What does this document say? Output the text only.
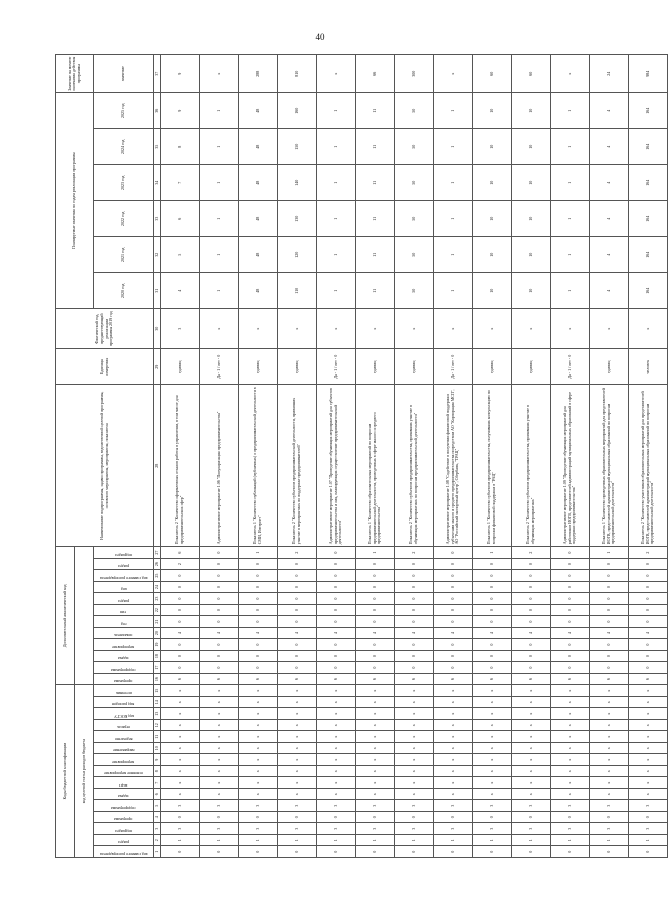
40
Коды бюджетной классификации															Дополнительный аналитический код												Наименование подпрограммы, задачи программы, ведомственной целевой программы, основного мероприятия, мероприятия, показателя	Единица измерения	Фактический год, предшествующий реализации программы 2019 год	Планируемые значения по годам реализации программы						Значение на момент окончания действия программы
код целевой статьи расходов бюджета																																				

код главного распорядителя	раздел	подраздел	программа	подпрограмма	задача	ВЦП	основное мероприятие	мероприятие	направление	ведомство	отрасль	код КОСГУ	вид расходов	источник	программа	подпрограмма	задача	мероприятие	показатель	год	тип	раздел	код	код главного распорядителя	раздел	подраздел				2020 год	2021 год	2022 год	2023 год	2024 год	2025 год	значение
1	2	3	4	5	6	7	8	9	10	11	12	13	14	15	16	17	18	19	20	21	22	23	24	25	26	27	28	29	30	31	32	33	34	35	36	37
0	1	3	0	3	x	x	x	x	x	x	x	x	x	x	6	0	0	0	4	0	0	0	0	0	2	6	Показатель 2 "Количество оформленных отказов работы в управлении, в том числе для предпринимательских сфер"	единиц	3	4	5	6	7	8	9	9
0	1	3	0	3	x	x	x	x	x	x	x	x	x	x	6	0	0	0	4	0	0	0	0	0	0	0	Административное мероприятие 1.06 "Популяризация предпринимательства"	Да - 1 / нет - 0	x	1	1	1	1	1	1	x
0	1	3	0	3	x	x	x	x	x	x	x	x	x	x	6	0	0	0	4	0	0	0	0	0	0	1	Показатель 1 "Количество публикаций (публичных) о предпринимательской деятельности в СМИ, Интернет"	единиц	x	48	48	48	48	48	48	288
0	1	3	0	3	x	x	x	x	x	x	x	x	x	x	6	0	0	0	4	0	0	0	0	0	0	2	Показатель 2 "Количество субъектов предпринимательской деятельности, принявших участие в мероприятиях по поддержке предпринимателей"	единиц	x	110	120	130	140	150	160	810
0	1	3	0	3	x	x	x	x	x	x	x	x	x	x	6	0	0	0	4	0	0	0	0	0	0	0	Административное мероприятие 1.07 "Проведение обучающих мероприятий для субъектов предпринимательства и лиц, планирующих осуществление предпринимательской деятельности"	Да - 1 / нет - 0	x	1	1	1	1	1	1	x
0	1	3	0	3	x	x	x	x	x	x	x	x	x	x	6	0	0	0	4	0	0	0	0	0	0	1	Показатель 1 "Количество образовательных мероприятий по вопросам предпринимательской деятельности, проведенных в сфере малого и среднего предпринимательства"	единиц	x	11	11	11	11	11	11	66
0	1	3	0	3	x	x	x	x	x	x	x	x	x	x	6	0	0	0	4	0	0	0	0	0	0	2	Показатель 2 "Количество субъектов предпринимательства, принявших участие в обучающих мероприятиях по вопросам предпринимательской деятельности"	единиц	x	50	50	50	50	50	50	300
0	1	3	0	3	x	x	x	x	x	x	x	x	x	x	6	0	0	0	4	0	0	0	0	0	0	0	Административное мероприятие 1.08 "Содействие в получении финансовой поддержки субъектами малого и среднего предпринимательства посредством АО "Корпорация МСП", АО "Российский экспортный центр", Сбербанк, "ТРАЦ"	Да - 1 / нет - 0	x	1	1	1	1	1	1	x
0	1	3	0	3	x	x	x	x	x	x	x	x	x	x	6	0	0	0	4	0	0	0	0	0	0	1	Показатель 1 "Количество субъектов предпринимательства, получивших консультацию по вопросам финансовой поддержки в "РАЦ"	единиц	x	10	10	10	10	10	10	60
0	1	3	0	3	x	x	x	x	x	x	x	x	x	x	6	0	0	0	4	0	0	0	0	0	0	2	Показатель 2 "Количество субъектов предпринимательства, принявших участие в обучающих мероприятиях"	единиц	x	10	10	10	10	10	10	60
0	1	3	0	3	x	x	x	x	x	x	x	x	x	x	6	0	0	0	4	0	0	0	0	0	0	0	Административное мероприятие 1.09 "Проведение обучающих мероприятий для работников ИОГВ, представителей администраций муниципальных образований в сфере поддержки предпринимательства"	Да - 1 / нет - 0	x	1	1	1	1	1	1	x
0	1	3	0	3	x	x	x	x	x	x	x	x	x	x	6	0	0	0	4	0	0	0	0	0	0	1	Показатель 1 "Количество проведенных образовательных мероприятий для представителей ИОГВ, представителей администраций муниципальных образований по вопросам предпринимательской деятельности"	единиц	x	4	4	4	4	4	4	24
0	1	3	0	3	x	x	x	x	x	x	x	x	x	x	6	0	0	0	4	0	0	0	0	0	0	2	Показатель 2 "Количество участников образовательных мероприятий для представителей ИОГВ, представителей администраций муниципальных образований по вопросам предпринимательской деятельности"	человек	x	164	164	164	164	164	164	984
